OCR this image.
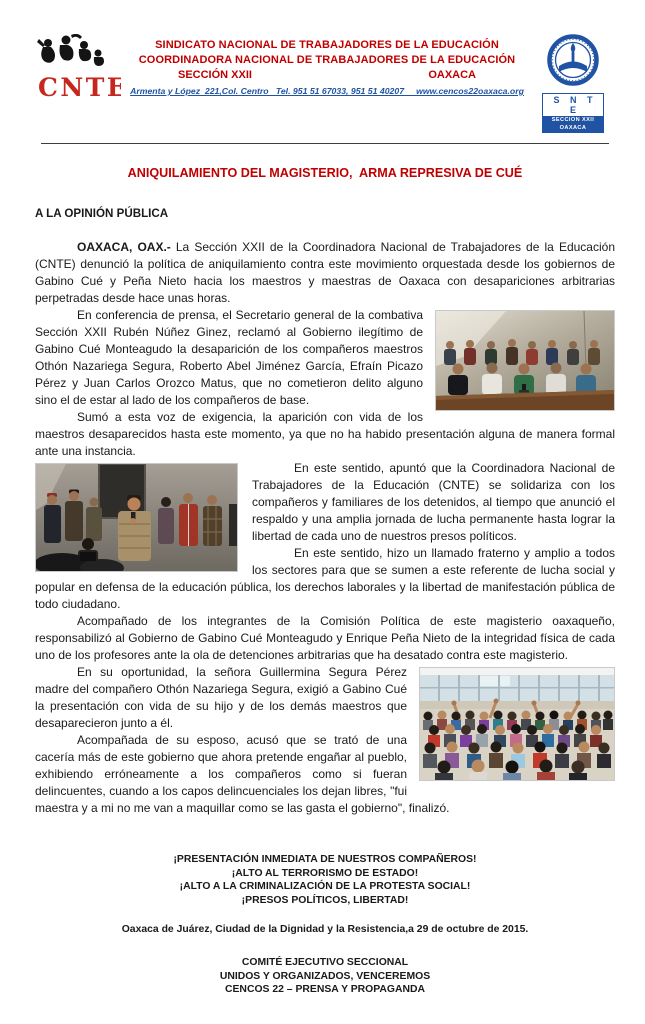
CNTE
SINDICATO NACIONAL DE TRABAJADORES DE LA EDUCACIÓN
COORDINADORA NACIONAL DE TRABAJADORES DE LA EDUCACIÓN
SECCIÓN XXII	OAXACA
Armenta y López  221,Col. Centro   Tel. 951 51 67033, 951 51 40207     www.cencos22oaxaca.org
S N T E
SECCION XXII
OAXACA
ANIQUILAMIENTO DEL MAGISTERIO,  ARMA REPRESIVA DE CUÉ
A LA OPINIÓN PÚBLICA

OAXACA, OAX.- La Sección XXII de la Coordinadora Nacional de Trabajadores de la Educación (CNTE) denunció la política de aniquilamiento contra este movimiento orquestada desde los gobiernos de Gabino Cué y Peña Nieto hacia los maestros y maestras de Oaxaca con desapariciones arbitrarias perpetradas desde hace unas horas.

En conferencia de prensa, el Secretario general de la combativa Sección XXII Rubén Núñez Ginez, reclamó al Gobierno ilegítimo de Gabino Cué Monteagudo la desaparición de los compañeros maestros Othón Nazariega Segura, Roberto Abel Jiménez García, Efraín Picazo Pérez y Juan Carlos Orozco Matus, que no cometieron delito alguno sino el de estar al lado de los compañeros de base.

Sumó a esta voz de exigencia, la aparición con vida de los maestros desaparecidos hasta este momento, ya que no ha habido presentación alguna de manera formal ante una instancia.

En este sentido, apuntó que la Coordinadora Nacional de Trabajadores de la Educación (CNTE) se solidariza con los compañeros y familiares de los detenidos, al tiempo que anunció el respaldo y una amplia jornada de lucha permanente hasta lograr la libertad de cada uno de nuestros presos políticos.

En este sentido, hizo un llamado fraterno y amplio a todos los sectores para que se sumen a este referente de lucha social y popular en defensa de la educación pública, los derechos laborales y la libertad de manifestación pública de todo ciudadano.

Acompañado de los integrantes de la Comisión Política de este magisterio oaxaqueño, responsabilizó al Gobierno de Gabino Cué Monteagudo y Enrique Peña Nieto de la integridad física de cada uno de los profesores ante la ola de detenciones arbitrarias que ha desatado contra este magisterio.

En su oportunidad, la señora Guillermina Segura Pérez madre del compañero Othón Nazariega Segura, exigió a Gabino Cué la presentación con vida de su hijo y de los demás maestros que desaparecieron junto a él.

Acompañada de su esposo, acusó que se trató de una cacería más de este gobierno que ahora pretende engañar al pueblo, exhibiendo erróneamente a los compañeros como si fueran delincuentes, cuando a los capos delincuenciales los dejan libres, "fui maestra y a mi no me van a maquillar como se las gasta el gobierno", finalizó.

¡PRESENTACIÓN INMEDIATA DE NUESTROS COMPAÑEROS!
¡ALTO AL TERRORISMO DE ESTADO!
¡ALTO A LA CRIMINALIZACIÓN DE LA PROTESTA SOCIAL!
¡PRESOS POLÍTICOS, LIBERTAD!
Oaxaca de Juárez, Ciudad de la Dignidad y la Resistencia,a 29 de octubre de 2015.
COMITÉ EJECUTIVO SECCIONAL
UNIDOS Y ORGANIZADOS, VENCEREMOS
CENCOS 22 – PRENSA Y PROPAGANDA
